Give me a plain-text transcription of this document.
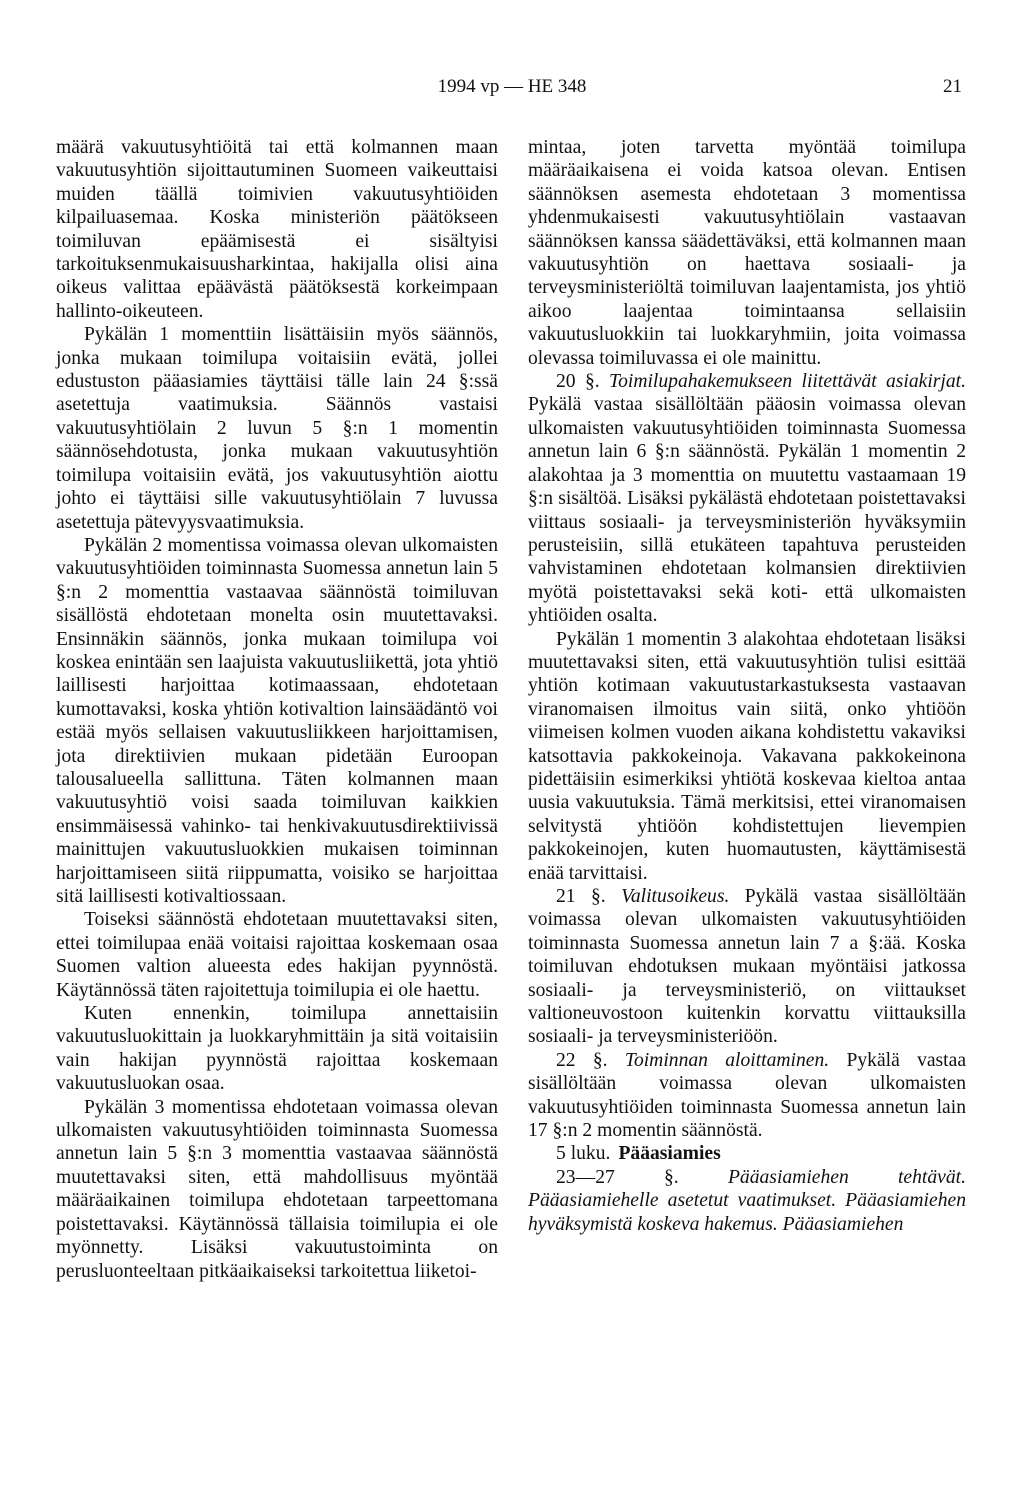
1994 vp — HE 348	21

määrä vakuutusyhtiöitä tai että kolmannen maan vakuutusyhtiön sijoittautuminen Suomeen vaikeuttaisi muiden täällä toimivien vakuutusyhtiöiden kilpailuasemaa. Koska ministeriön päätökseen toimiluvan epäämisestä ei sisältyisi tarkoituksenmukaisuusharkintaa, hakijalla olisi aina oikeus valittaa epäävästä päätöksestä korkeimpaan hallinto-oikeuteen.

Pykälän 1 momenttiin lisättäisiin myös säännös, jonka mukaan toimilupa voitaisiin evätä, jollei edustuston pääasiamies täyttäisi tälle lain 24 §:ssä asetettuja vaatimuksia. Säännös vastaisi vakuutusyhtiölain 2 luvun 5 §:n 1 momentin säännösehdotusta, jonka mukaan vakuutusyhtiön toimilupa voitaisiin evätä, jos vakuutusyhtiön aiottu johto ei täyttäisi sille vakuutusyhtiölain 7 luvussa asetettuja pätevyysvaatimuksia.

Pykälän 2 momentissa voimassa olevan ulkomaisten vakuutusyhtiöiden toiminnasta Suomessa annetun lain 5 §:n 2 momenttia vastaavaa säännöstä toimiluvan sisällöstä ehdotetaan monelta osin muutettavaksi. Ensinnäkin säännös, jonka mukaan toimilupa voi koskea enintään sen laajuista vakuutusliikettä, jota yhtiö laillisesti harjoittaa kotimaassaan, ehdotetaan kumottavaksi, koska yhtiön kotivaltion lainsäädäntö voi estää myös sellaisen vakuutusliikkeen harjoittamisen, jota direktiivien mukaan pidetään Euroopan talousalueella sallittuna. Täten kolmannen maan vakuutusyhtiö voisi saada toimiluvan kaikkien ensimmäisessä vahinko- tai henkivakuutusdirektiivissä mainittujen vakuutusluokkien mukaisen toiminnan harjoittamiseen siitä riippumatta, voisiko se harjoittaa sitä laillisesti kotivaltiossaan.

Toiseksi säännöstä ehdotetaan muutettavaksi siten, ettei toimilupaa enää voitaisi rajoittaa koskemaan osaa Suomen valtion alueesta edes hakijan pyynnöstä. Käytännössä täten rajoitettuja toimilupia ei ole haettu.

Kuten ennenkin, toimilupa annettaisiin vakuutusluokittain ja luokkaryhmittäin ja sitä voitaisiin vain hakijan pyynnöstä rajoittaa koskemaan vakuutusluokan osaa.

Pykälän 3 momentissa ehdotetaan voimassa olevan ulkomaisten vakuutusyhtiöiden toiminnasta Suomessa annetun lain 5 §:n 3 momenttia vastaavaa säännöstä muutettavaksi siten, että mahdollisuus myöntää määräaikainen toimilupa ehdotetaan tarpeettomana poistettavaksi. Käytännössä tällaisia toimilupia ei ole myönnetty. Lisäksi vakuutustoiminta on perusluonteeltaan pitkäaikaiseksi tarkoitettua liiketoi-

mintaa, joten tarvetta myöntää toimilupa määräaikaisena ei voida katsoa olevan. Entisen säännöksen asemesta ehdotetaan 3 momentissa yhdenmukaisesti vakuutusyhtiölain vastaavan säännöksen kanssa säädettäväksi, että kolmannen maan vakuutusyhtiön on haettava sosiaali- ja terveysministeriöltä toimiluvan laajentamista, jos yhtiö aikoo laajentaa toimintaansa sellaisiin vakuutusluokkiin tai luokkaryhmiin, joita voimassa olevassa toimiluvassa ei ole mainittu.

20 §. Toimilupahakemukseen liitettävät asiakirjat. Pykälä vastaa sisällöltään pääosin voimassa olevan ulkomaisten vakuutusyhtiöiden toiminnasta Suomessa annetun lain 6 §:n säännöstä. Pykälän 1 momentin 2 alakohtaa ja 3 momenttia on muutettu vastaamaan 19 §:n sisältöä. Lisäksi pykälästä ehdotetaan poistettavaksi viittaus sosiaali- ja terveysministeriön hyväksymiin perusteisiin, sillä etukäteen tapahtuva perusteiden vahvistaminen ehdotetaan kolmansien direktiivien myötä poistettavaksi sekä koti- että ulkomaisten yhtiöiden osalta.

Pykälän 1 momentin 3 alakohtaa ehdotetaan lisäksi muutettavaksi siten, että vakuutusyhtiön tulisi esittää yhtiön kotimaan vakuutustarkastuksesta vastaavan viranomaisen ilmoitus vain siitä, onko yhtiöön viimeisen kolmen vuoden aikana kohdistettu vakaviksi katsottavia pakkokeinoja. Vakavana pakkokeinona pidettäisiin esimerkiksi yhtiötä koskevaa kieltoa antaa uusia vakuutuksia. Tämä merkitsisi, ettei viranomaisen selvitystä yhtiöön kohdistettujen lievempien pakkokeinojen, kuten huomautusten, käyttämisestä enää tarvittaisi.

21 §. Valitusoikeus. Pykälä vastaa sisällöltään voimassa olevan ulkomaisten vakuutusyhtiöiden toiminnasta Suomessa annetun lain 7 a §:ää. Koska toimiluvan ehdotuksen mukaan myöntäisi jatkossa sosiaali- ja terveysministeriö, on viittaukset valtioneuvostoon kuitenkin korvattu viittauksilla sosiaali- ja terveysministeriöön.

22 §. Toiminnan aloittaminen. Pykälä vastaa sisällöltään voimassa olevan ulkomaisten vakuutusyhtiöiden toiminnasta Suomessa annetun lain 17 §:n 2 momentin säännöstä.

5 luku. Pääasiamies

23—27 §.	Pääasiamiehen tehtävät. Pääasiamiehelle asetetut vaatimukset. Pääasiamiehen hyväksymistä koskeva hakemus. Pääasiamiehen
